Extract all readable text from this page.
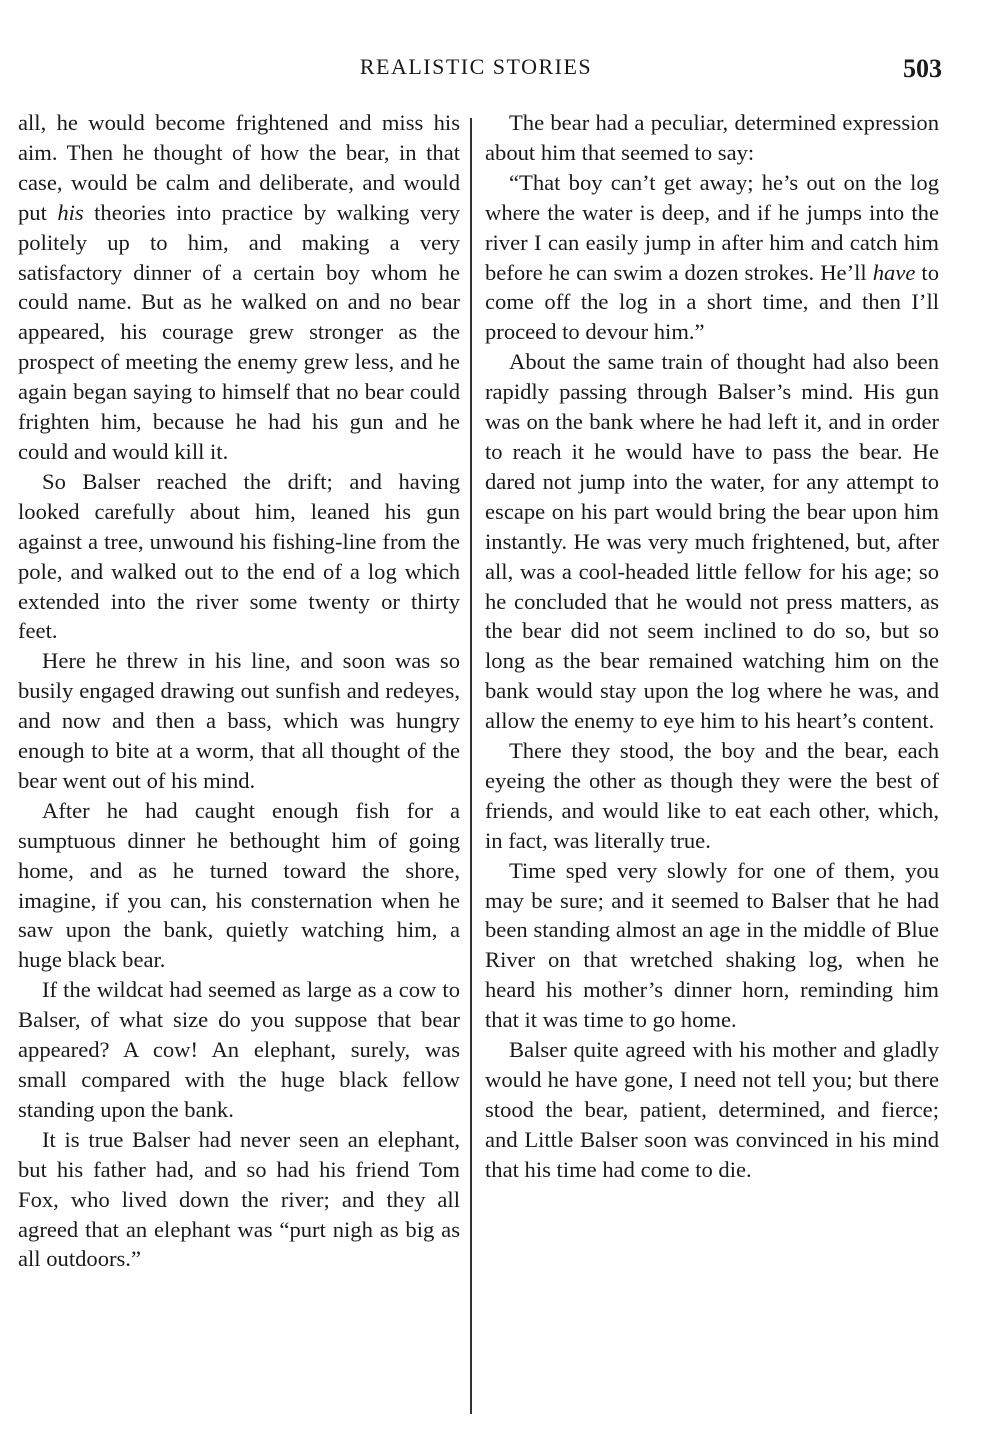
REALISTIC STORIES	503

all, he would become frightened and miss his aim. Then he thought of how the bear, in that case, would be calm and deliberate, and would put his theories into practice by walking very politely up to him, and making a very satisfactory dinner of a certain boy whom he could name. But as he walked on and no bear appeared, his courage grew stronger as the prospect of meeting the enemy grew less, and he again began saying to himself that no bear could frighten him, because he had his gun and he could and would kill it.

So Balser reached the drift; and having looked carefully about him, leaned his gun against a tree, unwound his fishing-line from the pole, and walked out to the end of a log which extended into the river some twenty or thirty feet.

Here he threw in his line, and soon was so busily engaged drawing out sunfish and redeyes, and now and then a bass, which was hungry enough to bite at a worm, that all thought of the bear went out of his mind.

After he had caught enough fish for a sumptuous dinner he bethought him of going home, and as he turned toward the shore, imagine, if you can, his consternation when he saw upon the bank, quietly watching him, a huge black bear.

If the wildcat had seemed as large as a cow to Balser, of what size do you suppose that bear appeared? A cow! An elephant, surely, was small compared with the huge black fellow standing upon the bank.

It is true Balser had never seen an elephant, but his father had, and so had his friend Tom Fox, who lived down the river; and they all agreed that an elephant was “purt nigh as big as all outdoors.”

The bear had a peculiar, determined expression about him that seemed to say:

“That boy can’t get away; he’s out on the log where the water is deep, and if he jumps into the river I can easily jump in after him and catch him before he can swim a dozen strokes. He’ll have to come off the log in a short time, and then I’ll proceed to devour him.”

About the same train of thought had also been rapidly passing through Balser’s mind. His gun was on the bank where he had left it, and in order to reach it he would have to pass the bear. He dared not jump into the water, for any attempt to escape on his part would bring the bear upon him instantly. He was very much frightened, but, after all, was a cool-headed little fellow for his age; so he concluded that he would not press matters, as the bear did not seem inclined to do so, but so long as the bear remained watching him on the bank would stay upon the log where he was, and allow the enemy to eye him to his heart’s content.

There they stood, the boy and the bear, each eyeing the other as though they were the best of friends, and would like to eat each other, which, in fact, was literally true.

Time sped very slowly for one of them, you may be sure; and it seemed to Balser that he had been standing almost an age in the middle of Blue River on that wretched shaking log, when he heard his mother’s dinner horn, reminding him that it was time to go home.

Balser quite agreed with his mother and gladly would he have gone, I need not tell you; but there stood the bear, patient, determined, and fierce; and Little Balser soon was convinced in his mind that his time had come to die.
